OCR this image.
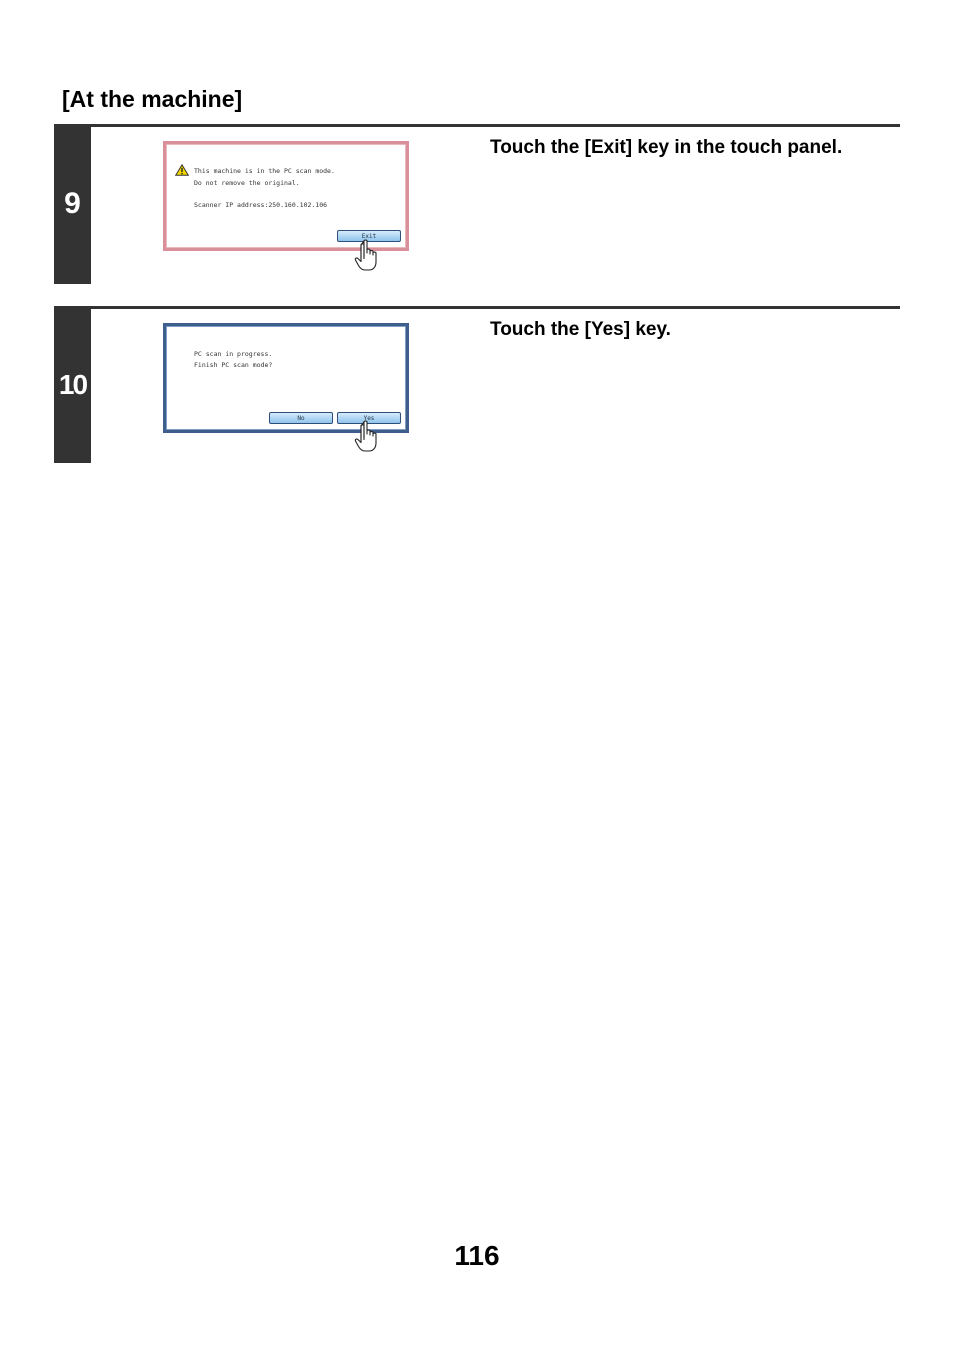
[At the machine]
9
Touch the [Exit] key in the touch panel.
This machine is in the PC scan mode.
Do not remove the original.
Scanner IP address:250.160.102.106
Exit
10
Touch the [Yes] key.
PC scan in progress.
Finish PC scan mode?
No	Yes
116
